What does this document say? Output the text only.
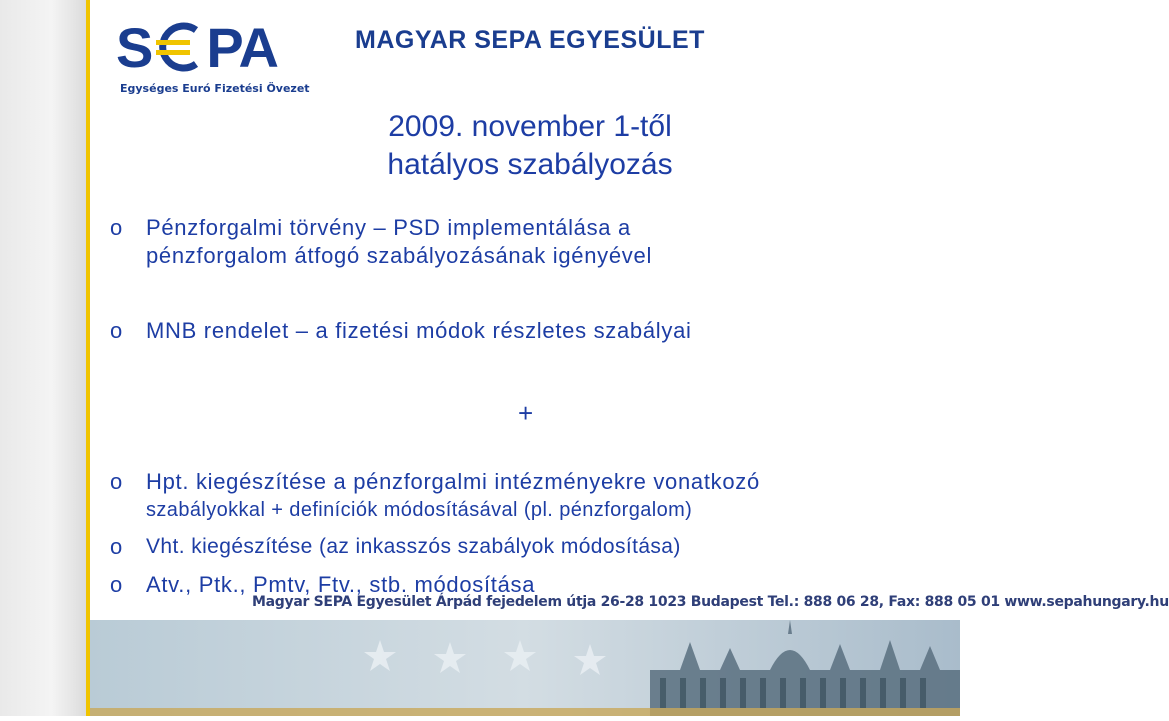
S PA
Egységes Euró Fizetési Övezet
MAGYAR SEPA EGYESÜLET
2009. november 1-től
hatályos szabályozás
o Pénzforgalmi törvény – PSD implementálása a
pénzforgalom átfogó szabályozásának igényével
o MNB rendelet – a fizetési módok részletes szabályai
o Hpt. kiegészítése a pénzforgalmi intézményekre vonatkozó
szabályokkal + definíciók módosításával (pl. pénzforgalom)
o Vht. kiegészítése (az inkasszós szabályok módosítása)
o Atv., Ptk., Pmtv, Ftv., stb. módosítása
+
Magyar SEPA Egyesület Árpád fejedelem útja 26-28 1023 Budapest Tel.: 888 06 28, Fax: 888 05 01 www.sepahungary.hu
